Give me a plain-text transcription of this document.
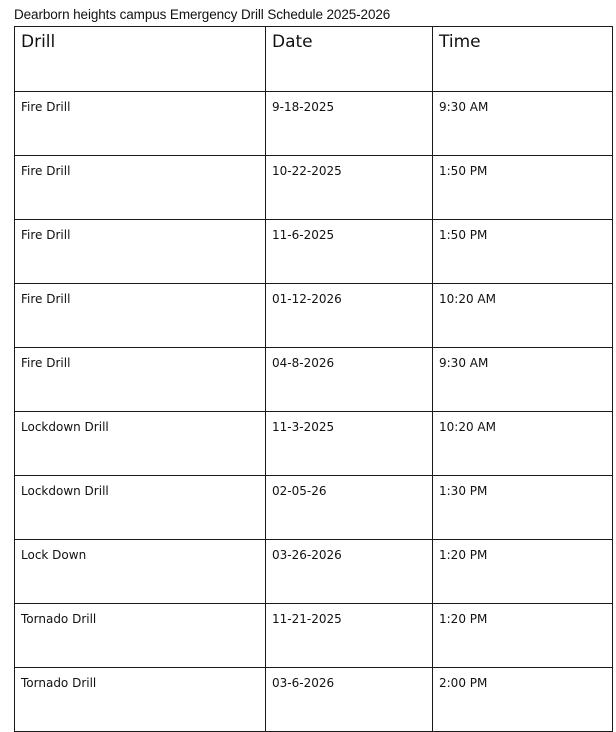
Dearborn heights campus Emergency Drill Schedule 2025-2026
Drill	Date	Time
Fire Drill	9-18-2025	9:30 AM
Fire Drill	10-22-2025	1:50 PM
Fire Drill	11-6-2025	1:50 PM
Fire Drill	01-12-2026	10:20 AM
Fire Drill	04-8-2026	9:30 AM
Lockdown Drill	11-3-2025	10:20 AM
Lockdown Drill	02-05-26	1:30 PM
Lock Down	03-26-2026	1:20 PM
Tornado Drill	11-21-2025	1:20 PM
Tornado Drill	03-6-2026	2:00 PM
